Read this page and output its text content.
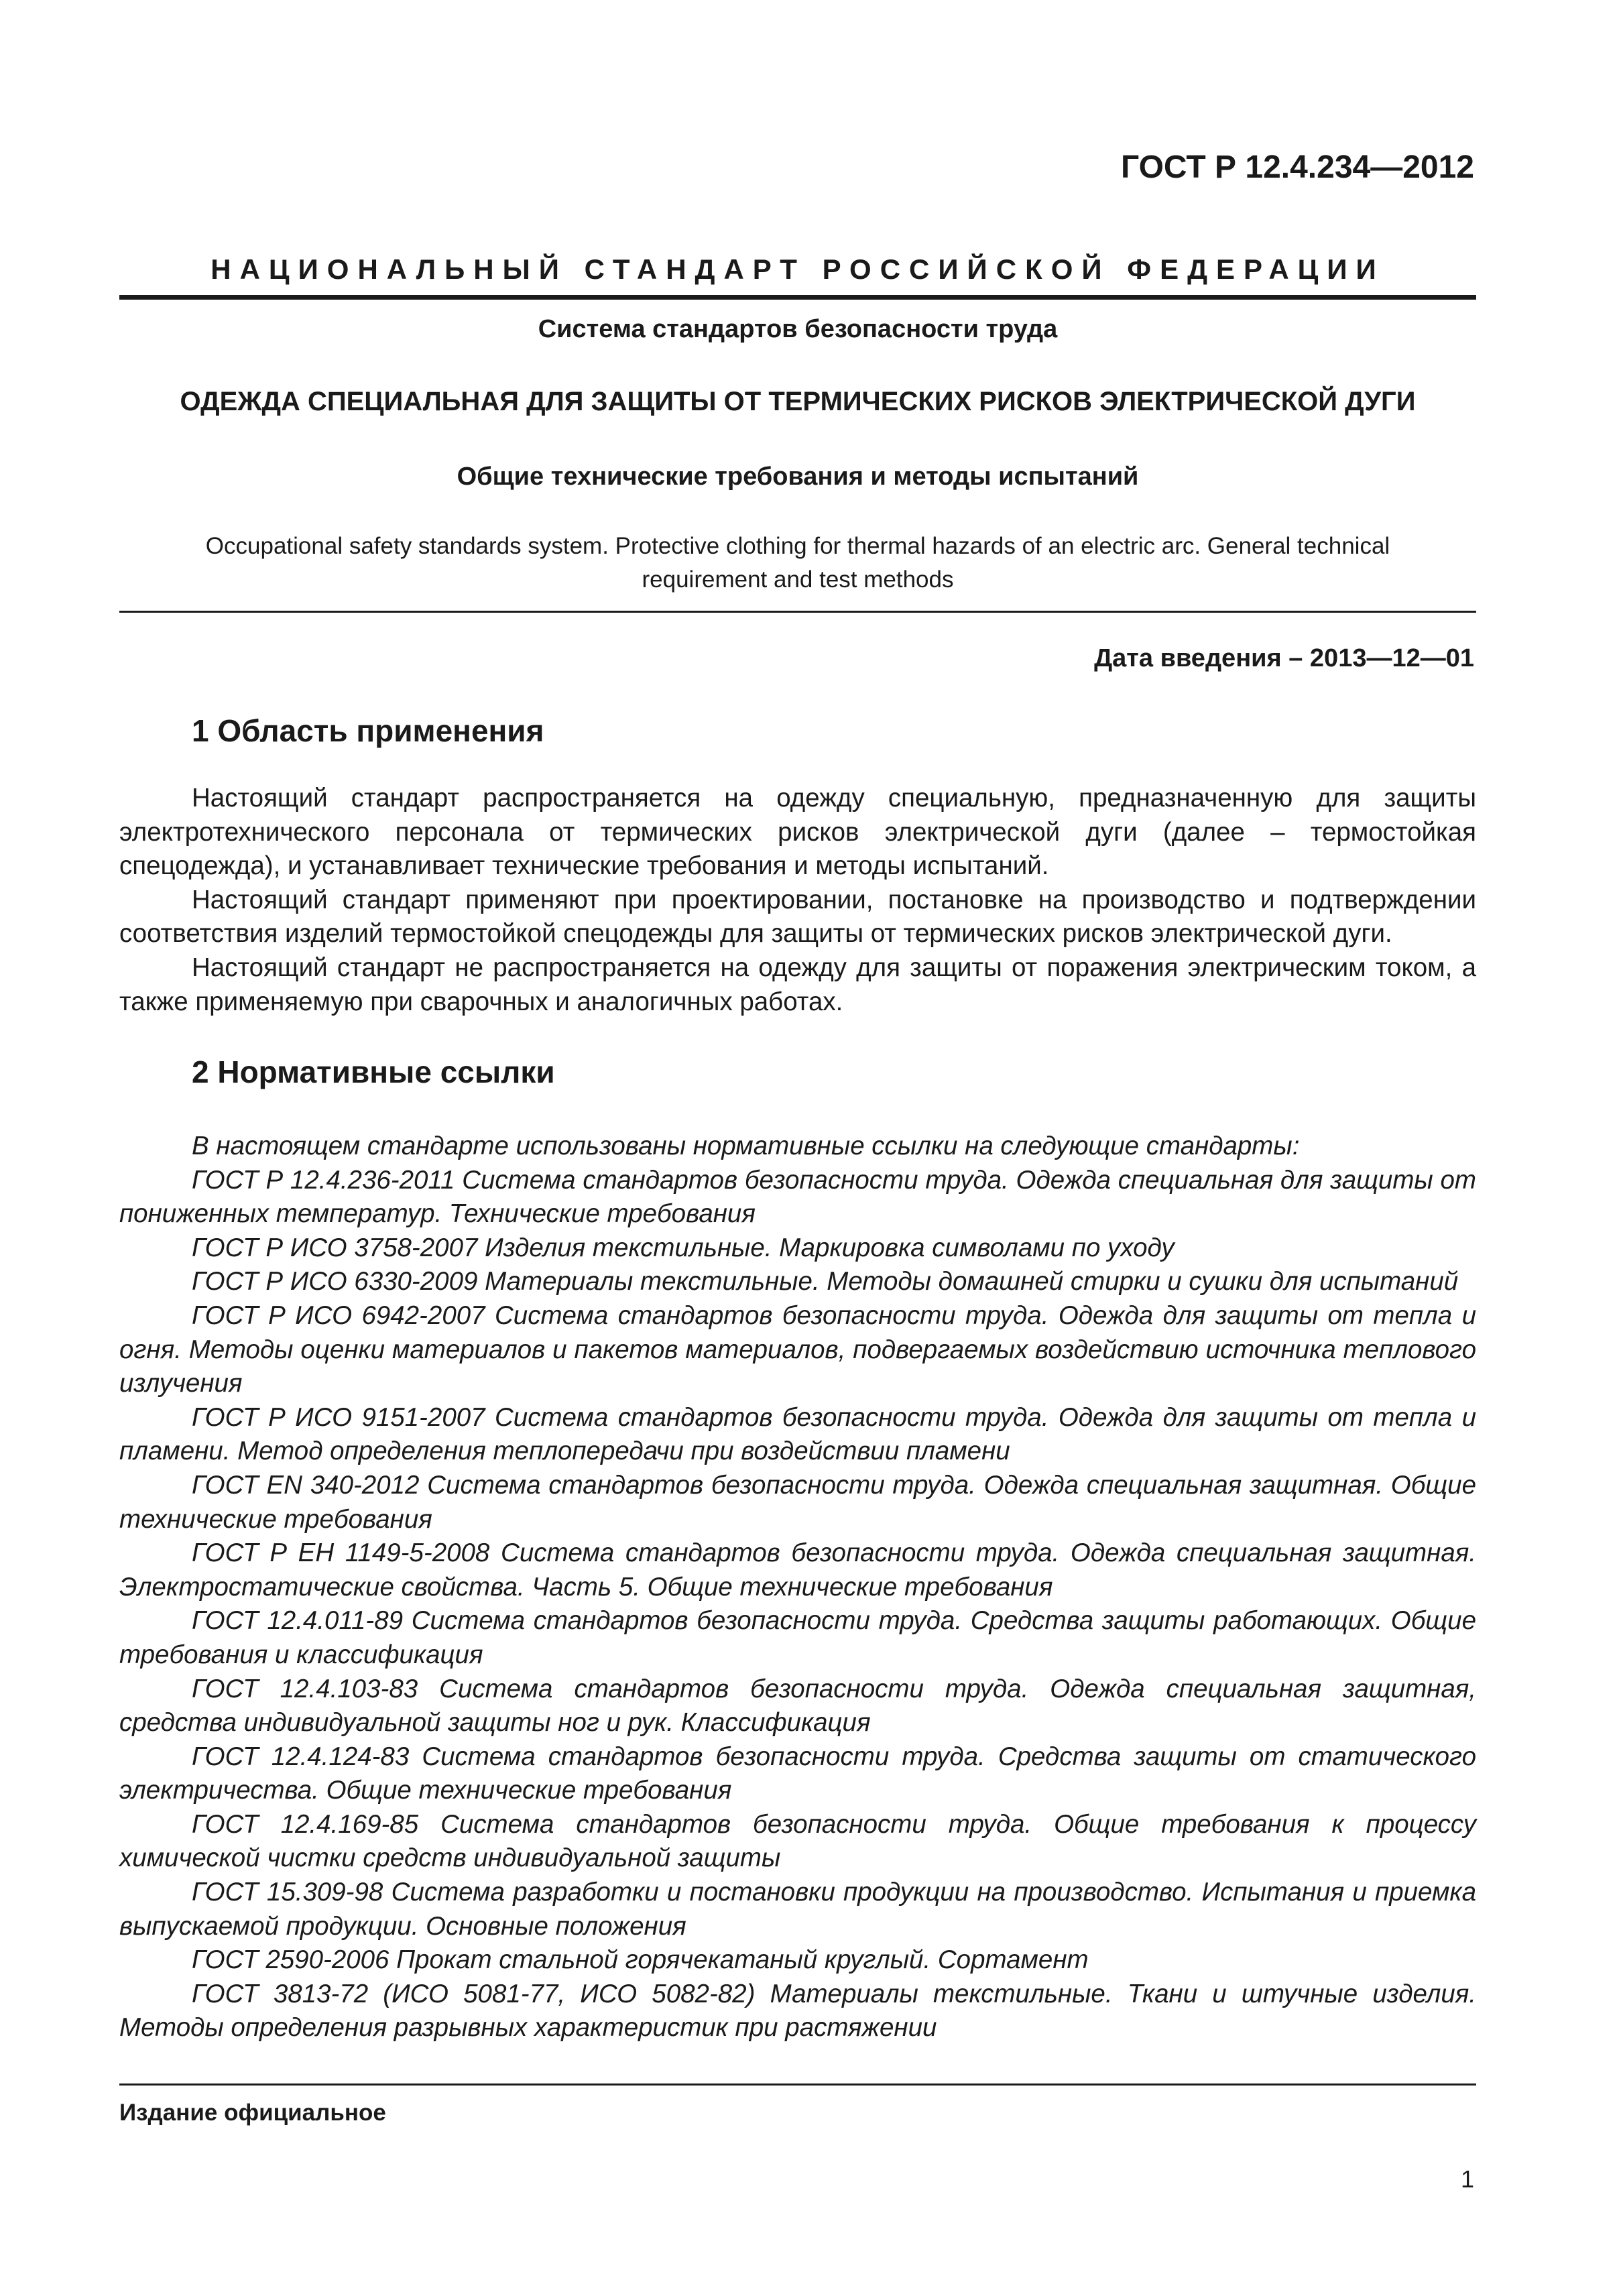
ГОСТ Р 12.4.234—2012
НАЦИОНАЛЬНЫЙ СТАНДАРТ РОССИЙСКОЙ ФЕДЕРАЦИИ
Система стандартов безопасности труда
ОДЕЖДА СПЕЦИАЛЬНАЯ ДЛЯ ЗАЩИТЫ ОТ ТЕРМИЧЕСКИХ РИСКОВ ЭЛЕКТРИЧЕСКОЙ ДУГИ
Общие технические требования и методы испытаний
Occupational safety standards system. Protective clothing for thermal hazards of an electric arc. General technical
requirement and test methods
Дата введения – 2013—12—01
1 Область применения

Настоящий стандарт распространяется на одежду специальную, предназначенную для защиты электротехнического персонала от термических рисков электрической дуги (далее – термостойкая спецодежда), и устанавливает технические требования и методы испытаний.

Настоящий стандарт применяют при проектировании, постановке на производство и подтверждении соответствия изделий термостойкой спецодежды для защиты от термических рисков электрической дуги.

Настоящий стандарт не распространяется на одежду для защиты от поражения электрическим током, а также применяемую при сварочных и аналогичных работах.

2 Нормативные ссылки

В настоящем стандарте использованы нормативные ссылки на следующие стандарты:

ГОСТ Р 12.4.236-2011 Система стандартов безопасности труда. Одежда специальная для защиты от пониженных температур. Технические требования

ГОСТ Р ИСО 3758-2007 Изделия текстильные. Маркировка символами по уходу

ГОСТ Р ИСО 6330-2009 Материалы текстильные. Методы домашней стирки и сушки для испытаний

ГОСТ Р ИСО 6942-2007 Система стандартов безопасности труда. Одежда для защиты от тепла и огня. Методы оценки материалов и пакетов материалов, подвергаемых воздействию источника теплового излучения

ГОСТ Р ИСО 9151-2007 Система стандартов безопасности труда. Одежда для защиты от тепла и пламени. Метод определения теплопередачи при воздействии пламени

ГОСТ EN 340-2012 Система стандартов безопасности труда. Одежда специальная защитная. Общие технические требования

ГОСТ Р ЕН 1149-5-2008 Система стандартов безопасности труда. Одежда специальная защитная. Электростатические свойства. Часть 5. Общие технические требования

ГОСТ 12.4.011-89 Система стандартов безопасности труда. Средства защиты работающих. Общие требования и классификация

ГОСТ 12.4.103-83 Система стандартов безопасности труда. Одежда специальная защитная, средства индивидуальной защиты ног и рук. Классификация

ГОСТ 12.4.124-83 Система стандартов безопасности труда. Средства защиты от статического электричества. Общие технические требования

ГОСТ 12.4.169-85 Система стандартов безопасности труда. Общие требования к процессу химической чистки средств индивидуальной защиты

ГОСТ 15.309-98 Система разработки и постановки продукции на производство. Испытания и приемка выпускаемой продукции. Основные положения

ГОСТ 2590-2006 Прокат стальной горячекатаный круглый. Сортамент

ГОСТ 3813-72 (ИСО 5081-77, ИСО 5082-82) Материалы текстильные. Ткани и штучные изделия. Методы определения разрывных характеристик при растяжении

Издание официальное
1
